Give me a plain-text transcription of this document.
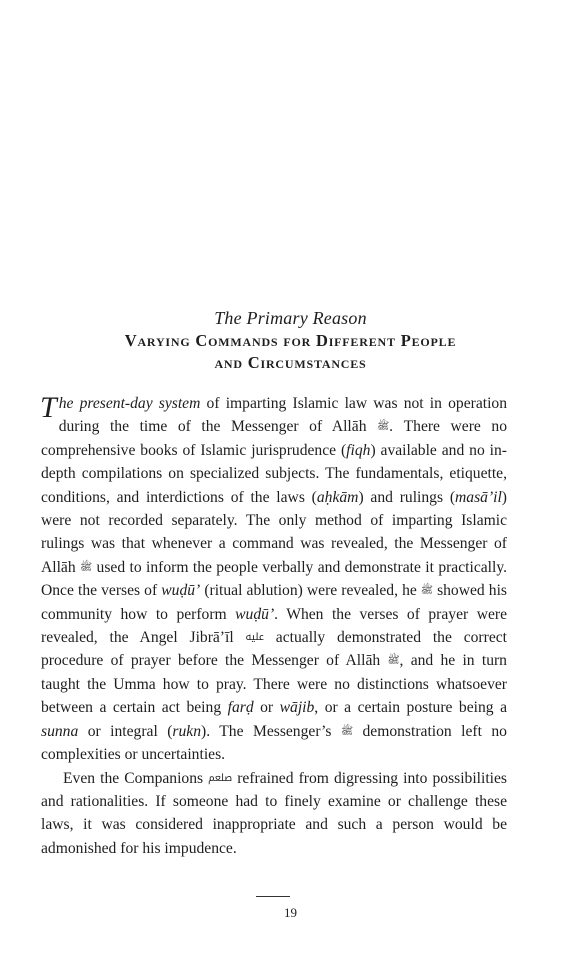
The Primary Reason
Varying Commands for Different People
and Circumstances

The present-day system of imparting Islamic law was not in operation during the time of the Messenger of Allāh ﷺ. There were no comprehensive books of Islamic jurisprudence (fiqh) available and no in-depth compilations on specialized subjects. The fundamentals, etiquette, conditions, and interdictions of the laws (aḥkām) and rulings (masā’il) were not recorded separately. The only method of imparting Islamic rulings was that whenever a command was revealed, the Messenger of Allāh ﷺ used to inform the people verbally and demonstrate it practically. Once the verses of wuḍū’ (ritual ablution) were revealed, he ﷺ showed his community how to perform wuḍū’. When the verses of prayer were revealed, the Angel Jibrā’īl ﷷ actually demonstrated the correct procedure of prayer before the Messenger of Allāh ﷺ, and he in turn taught the Umma how to pray. There were no distinctions whatsoever between a certain act being farḍ or wājib, or a certain posture being a sunna or integral (rukn). The Messenger’s ﷺ demonstration left no complexities or uncertainties.

Even the Companions ﷵ refrained from digressing into possibilities and rationalities. If someone had to finely examine or challenge these laws, it was considered inappropriate and such a person would be admonished for his impudence.

19
